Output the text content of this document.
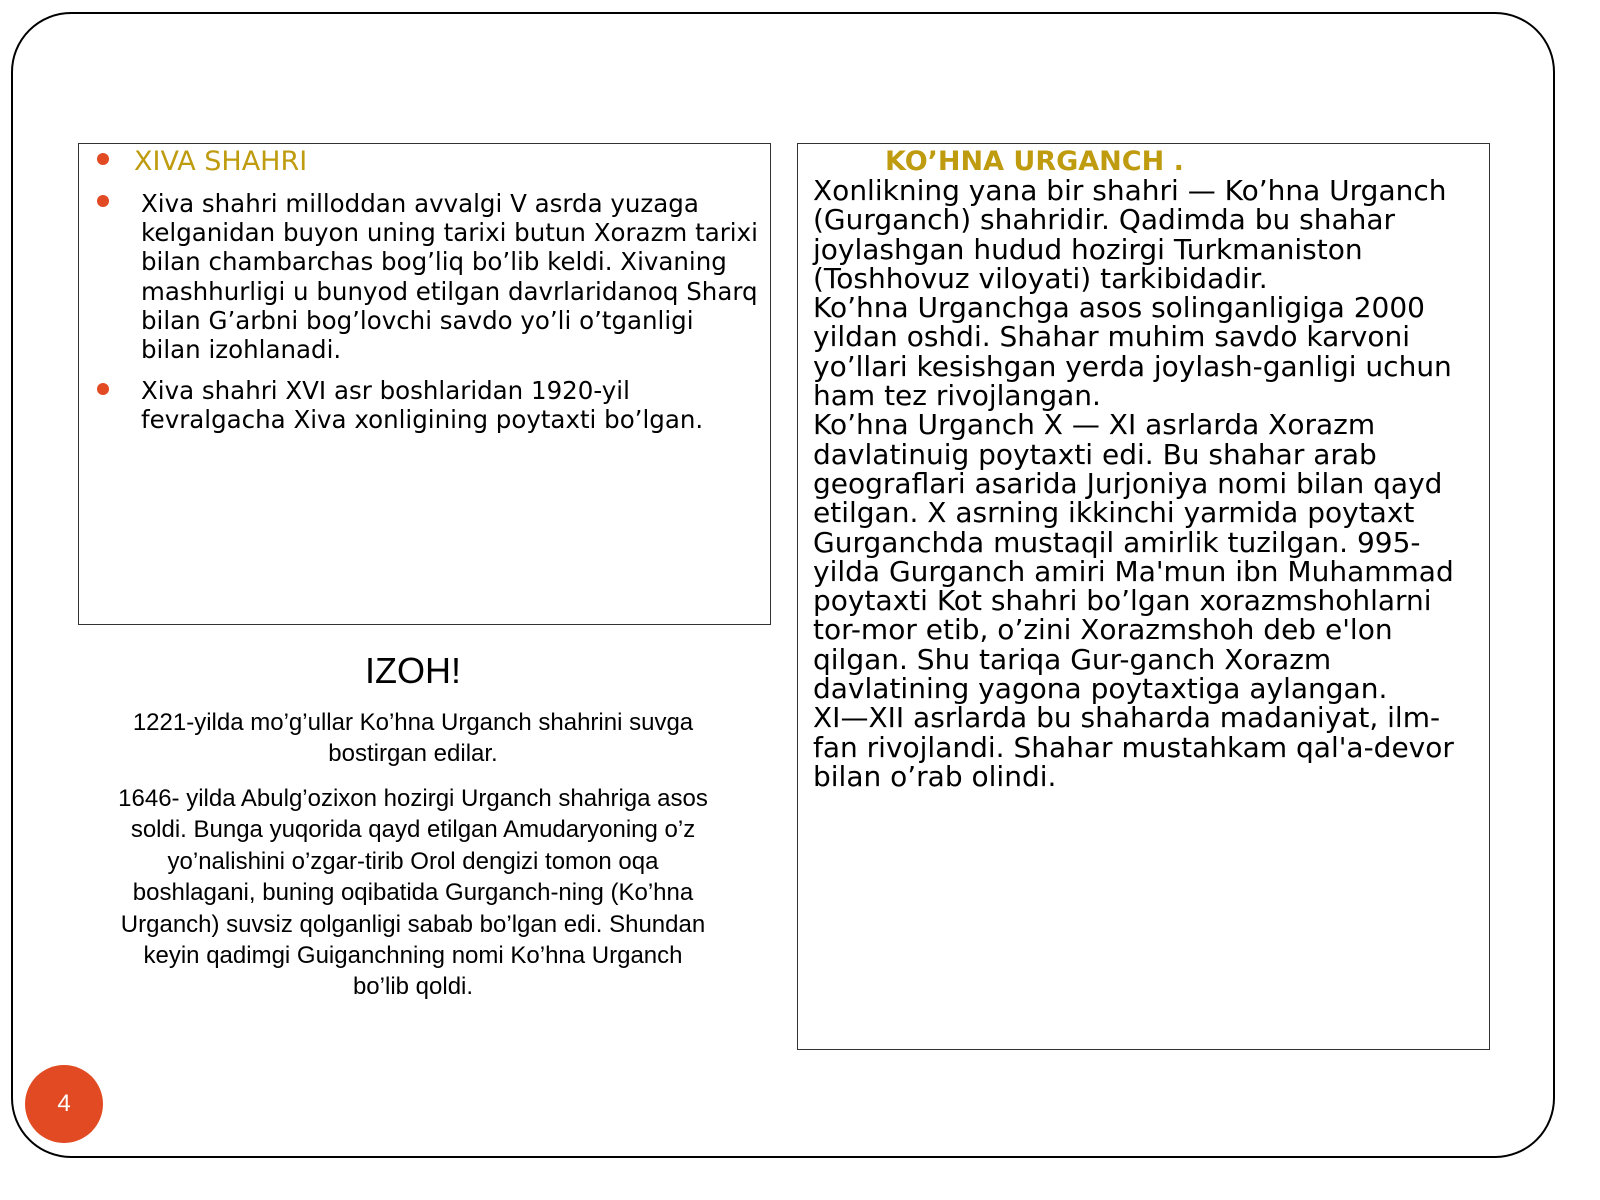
XIVA SHAHRI

Xiva shahri milloddan avvalgi V asrda yuzaga kelganidan buyon uning tarixi butun Xorazm tarixi bilan chambarchas bog’liq bo’lib keldi. Xivaning mashhurligi u bunyod etilgan davrlaridanoq Sharq bilan G’arbni bog’lovchi savdo yo’li o’tganligi bilan izohlanadi.

Xiva shahri XVI asr boshlaridan 1920-yil fevralgacha Xiva xonligining poytaxti bo’lgan.

KO’HNA URGANCH .

Xonlikning yana bir shahri — Ko’hna Urganch (Gurganch) shahridir. Qadimda bu shahar joylashgan hudud hozirgi Turkmaniston (Toshhovuz viloyati) tarkibidadir.

Ko’hna Urganchga asos solinganligiga 2000 yildan oshdi. Shahar muhim savdo karvoni yo’llari kesishgan yerda joylash-ganligi uchun ham tez rivojlangan.

Ko’hna Urganch X — XI asrlarda Xorazm davlatinuig poytaxti edi. Bu shahar arab geograflari asarida Jurjoniya nomi bilan qayd etilgan. X asrning ikkinchi yarmida poytaxt Gurganchda mustaqil amirlik tuzilgan. 995-yilda Gurganch amiri Ma'mun ibn Muhammad poytaxti Kot shahri bo’lgan xorazmshohlarni tor-mor etib, o’zini Xorazmshoh deb e'lon qilgan. Shu tariqa Gur-ganch Xorazm davlatining yagona poytaxtiga aylangan.

XI—XII asrlarda bu shaharda madaniyat, ilm-fan rivojlandi. Shahar mustahkam qal'a-devor bilan o’rab olindi.

IZOH!

1221-yilda mo’g’ullar Ko’hna Urganch shahrini suvga bostirgan edilar.

1646- yilda Abulg’ozixon hozirgi Urganch shahriga asos soldi. Bunga yuqorida qayd etilgan Amudaryoning o’z yo’nalishini o’zgar-tirib Orol dengizi tomon oqa boshlagani, buning oqibatida Gurganch-ning (Ko’hna Urganch) suvsiz qolganligi sabab bo’lgan edi. Shundan keyin qadimgi Guiganchning nomi Ko’hna Urganch bo’lib qoldi.

4
